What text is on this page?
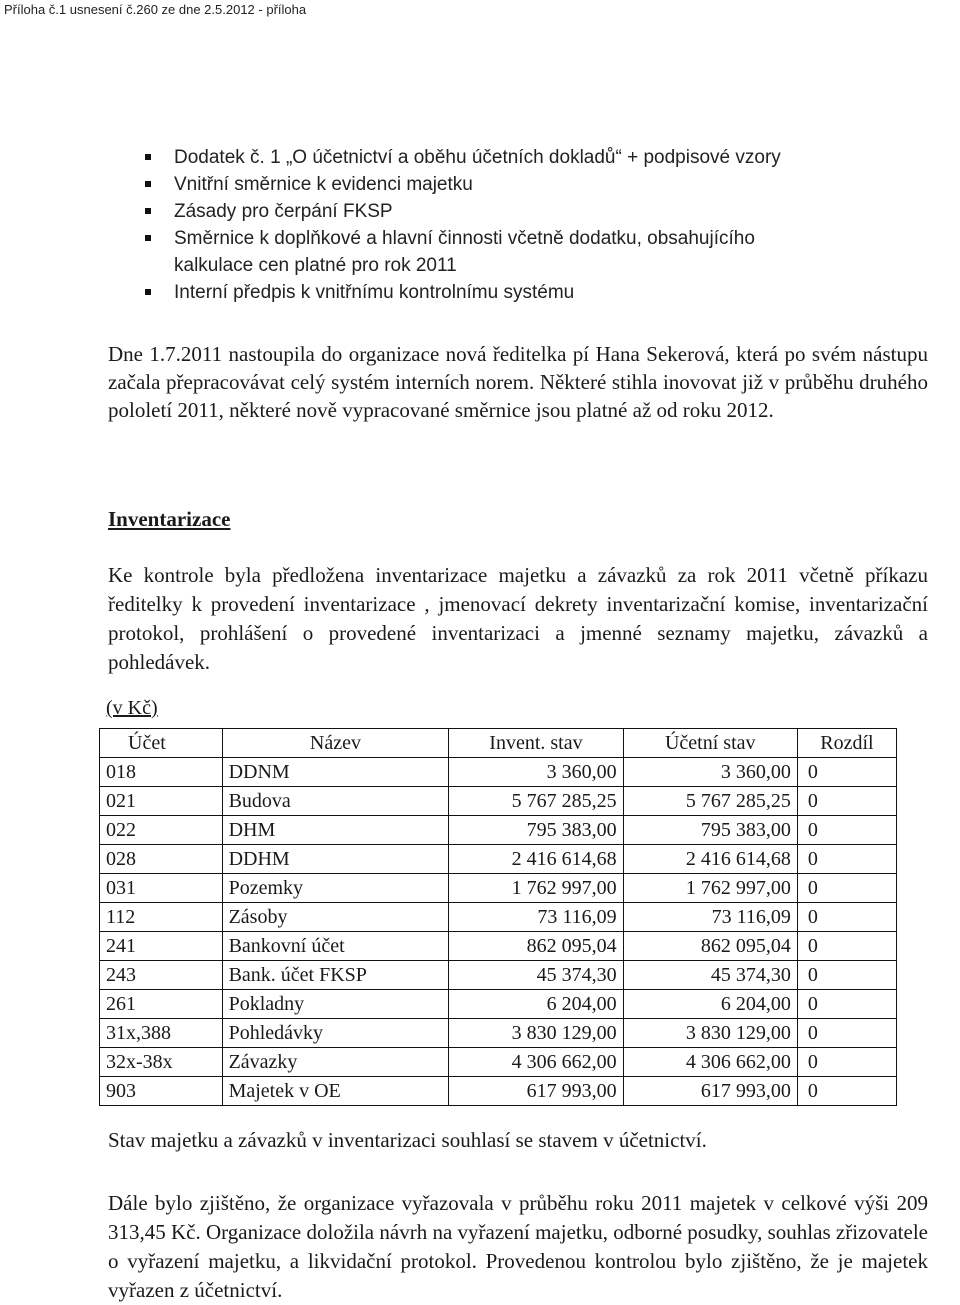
Příloha č.1 usnesení č.260 ze dne 2.5.2012 - příloha
Dodatek č. 1 „O účetnictví a oběhu účetních dokladů“ + podpisové vzory
Vnitřní směrnice k evidenci majetku
Zásady pro čerpání FKSP
Směrnice k doplňkové a hlavní činnosti včetně dodatku, obsahujícího
kalkulace cen platné pro rok 2011
Interní předpis k vnitřnímu kontrolnímu systému

Dne 1.7.2011 nastoupila do organizace nová ředitelka pí Hana Sekerová, která po svém nástupu začala přepracovávat celý systém interních norem. Některé stihla inovovat již v průběhu druhého pololetí 2011, některé nově vypracované směrnice jsou platné až od roku 2012.

Inventarizace

Ke kontrole byla předložena inventarizace majetku a závazků za rok 2011 včetně příkazu ředitelky k provedení inventarizace , jmenovací dekrety inventarizační komise, inventarizační protokol, prohlášení o provedené inventarizaci a jmenné seznamy majetku, závazků a pohledávek.

(v Kč)
Účet	Název	Invent. stav	Účetní stav	Rozdíl
018	DDNM	3 360,00	3 360,00	0
021	Budova	5 767 285,25	5 767 285,25	0
022	DHM	795 383,00	795 383,00	0
028	DDHM	2 416 614,68	2 416 614,68	0
031	Pozemky	1 762 997,00	1 762 997,00	0
112	Zásoby	73 116,09	73 116,09	0
241	Bankovní účet	862 095,04	862 095,04	0
243	Bank. účet FKSP	45 374,30	45 374,30	0
261	Pokladny	6 204,00	6 204,00	0
31x,388	Pohledávky	3 830 129,00	3 830 129,00	0
32x-38x	Závazky	4 306 662,00	4 306 662,00	0
903	Majetek v OE	617 993,00	617 993,00	0

Stav majetku a závazků v inventarizaci souhlasí se stavem v účetnictví.

Dále bylo zjištěno, že organizace vyřazovala v průběhu roku 2011 majetek v celkové výši 209 313,45 Kč. Organizace doložila návrh na vyřazení majetku, odborné posudky, souhlas zřizovatele o vyřazení majetku, a likvidační protokol. Provedenou kontrolou bylo zjištěno, že je majetek vyřazen z účetnictví.
